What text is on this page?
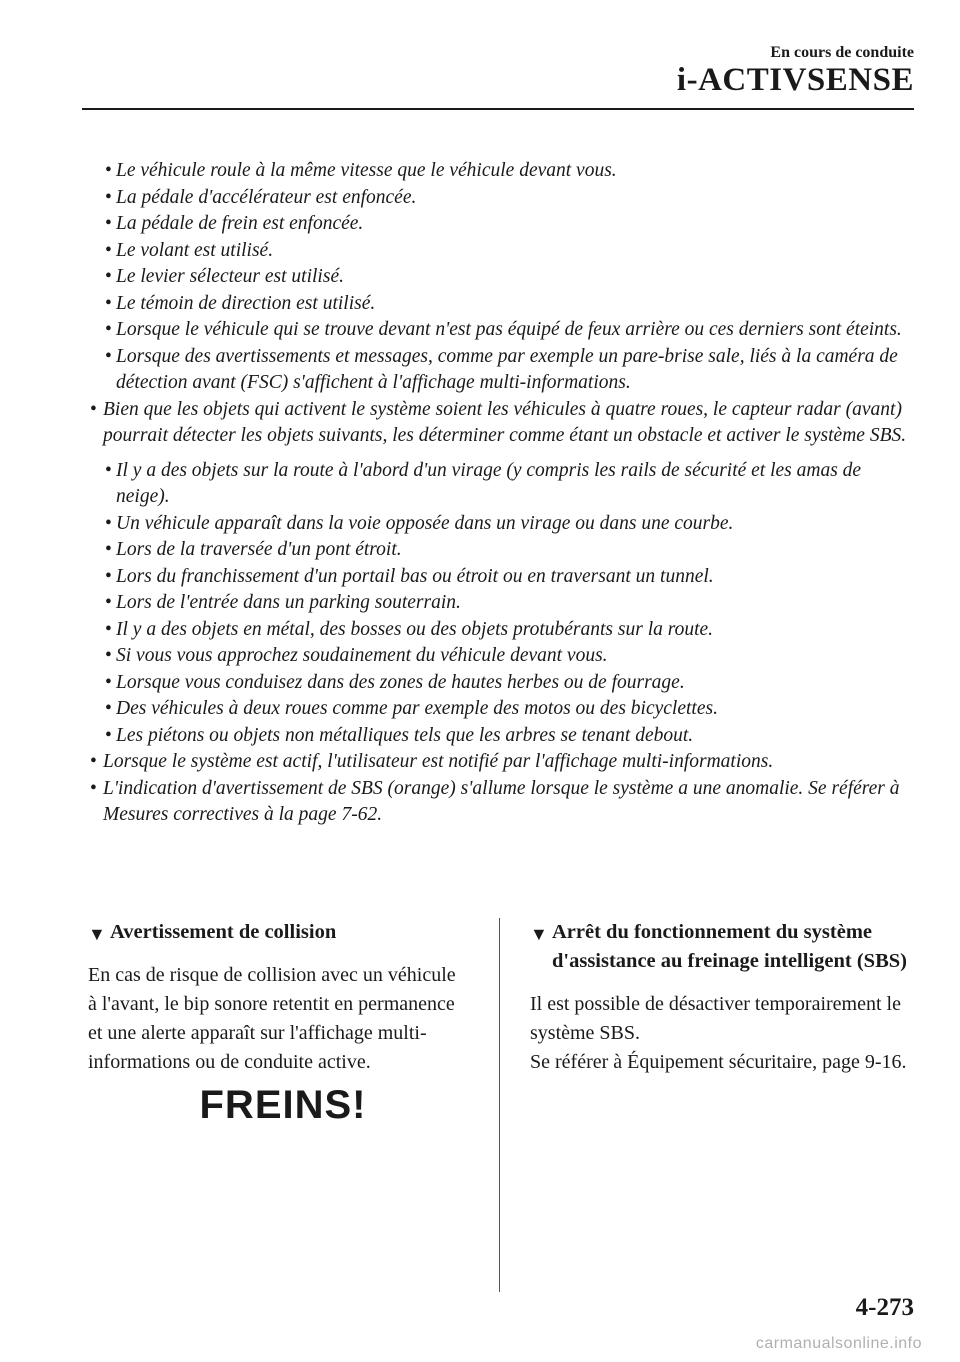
En cours de conduite
i-ACTIVSENSE
• Le véhicule roule à la même vitesse que le véhicule devant vous.
• La pédale d'accélérateur est enfoncée.
• La pédale de frein est enfoncée.
• Le volant est utilisé.
• Le levier sélecteur est utilisé.
• Le témoin de direction est utilisé.
• Lorsque le véhicule qui se trouve devant n'est pas équipé de feux arrière ou ces derniers sont éteints.
• Lorsque des avertissements et messages, comme par exemple un pare-brise sale, liés à la caméra de détection avant (FSC) s'affichent à l'affichage multi-informations.
• Bien que les objets qui activent le système soient les véhicules à quatre roues, le capteur radar (avant) pourrait détecter les objets suivants, les déterminer comme étant un obstacle et activer le système SBS.
• Il y a des objets sur la route à l'abord d'un virage (y compris les rails de sécurité et les amas de neige).
• Un véhicule apparaît dans la voie opposée dans un virage ou dans une courbe.
• Lors de la traversée d'un pont étroit.
• Lors du franchissement d'un portail bas ou étroit ou en traversant un tunnel.
• Lors de l'entrée dans un parking souterrain.
• Il y a des objets en métal, des bosses ou des objets protubérants sur la route.
• Si vous vous approchez soudainement du véhicule devant vous.
• Lorsque vous conduisez dans des zones de hautes herbes ou de fourrage.
• Des véhicules à deux roues comme par exemple des motos ou des bicyclettes.
• Les piétons ou objets non métalliques tels que les arbres se tenant debout.
• Lorsque le système est actif, l'utilisateur est notifié par l'affichage multi-informations.
• L'indication d'avertissement de SBS (orange) s'allume lorsque le système a une anomalie. Se référer à Mesures correctives à la page 7-62.
▼ Avertissement de collision
En cas de risque de collision avec un véhicule à l'avant, le bip sonore retentit en permanence et une alerte apparaît sur l'affichage multi-informations ou de conduite active.
FREINS!
▼ Arrêt du fonctionnement du système d'assistance au freinage intelligent (SBS)
Il est possible de désactiver temporairement le système SBS.
Se référer à Équipement sécuritaire, page 9-16.
4-273
carmanualsonline.info
